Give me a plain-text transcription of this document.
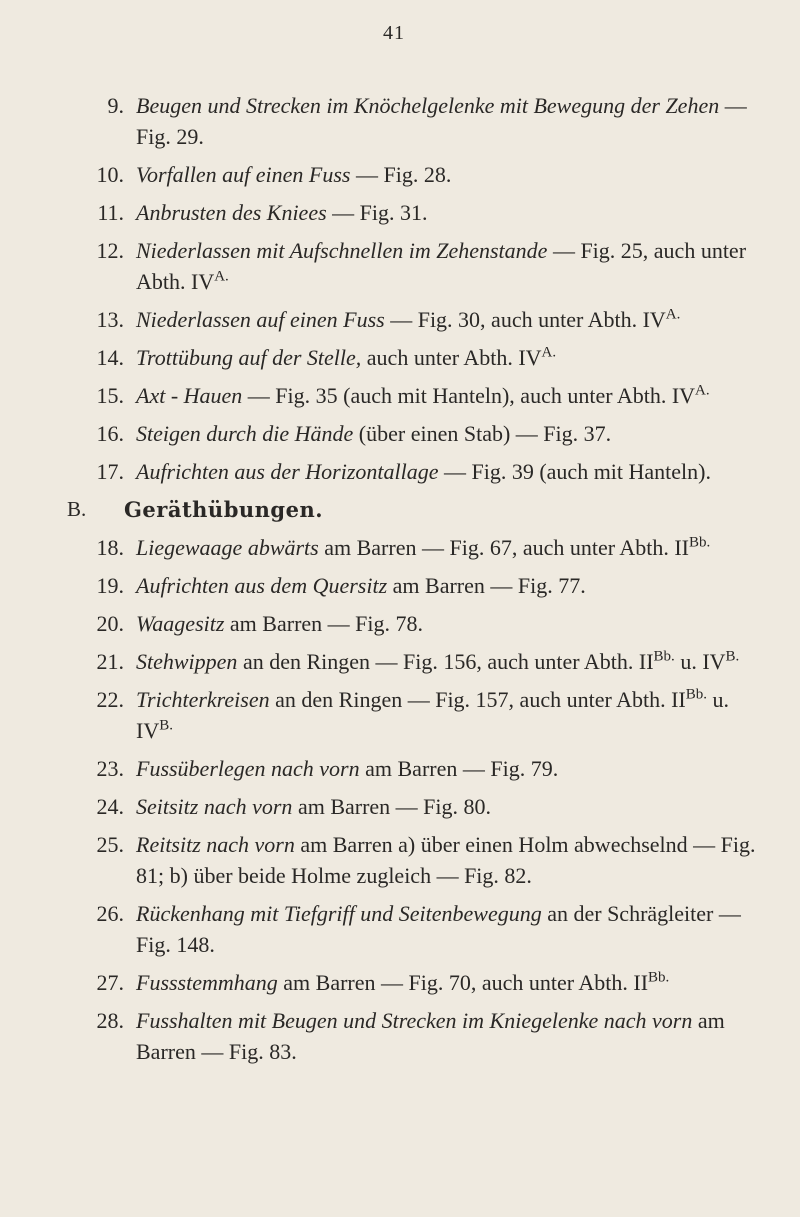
41
9. Beugen und Strecken im Knöchelgelenke mit Bewegung der Zehen — Fig. 29.
10. Vorfallen auf einen Fuss — Fig. 28.
11. Anbrusten des Kniees — Fig. 31.
12. Niederlassen mit Aufschnellen im Zehenstande — Fig. 25, auch unter Abth. $IV^{A.}$
13. Niederlassen auf einen Fuss — Fig. 30, auch unter Abth. $IV^{A.}$
14. Trottübung auf der Stelle, auch unter Abth. $IV^{A.}$
15. Axt - Hauen — Fig. 35 (auch mit Hanteln), auch unter Abth. $IV^{A.}$
16. Steigen durch die Hände (über einen Stab) — Fig. 37.
17. Aufrichten aus der Horizontallage — Fig. 39 (auch mit Hanteln).
B.	Geräthübungen.
18. Liegewaage abwärts am Barren — Fig. 67, auch unter Abth. $II^{Bb.}$
19. Aufrichten aus dem Quersitz am Barren — Fig. 77.
20. Waagesitz am Barren — Fig. 78.
21. Stehwippen an den Ringen — Fig. 156, auch unter Abth. $II^{Bb.}$ u. $IV^{B.}$
22. Trichterkreisen an den Ringen — Fig. 157, auch unter Abth. $II^{Bb.}$ u. $IV^{B.}$
23. Fussüberlegen nach vorn am Barren — Fig. 79.
24. Seitsitz nach vorn am Barren — Fig. 80.
25. Reitsitz nach vorn am Barren a) über einen Holm abwechselnd — Fig. 81; b) über beide Holme zugleich — Fig. 82.
26. Rückenhang mit Tiefgriff und Seitenbewegung an der Schrägleiter — Fig. 148.
27. Fussstemmhang am Barren — Fig. 70, auch unter Abth. $II^{Bb.}$
28. Fusshalten mit Beugen und Strecken im Kniegelenke nach vorn am Barren — Fig. 83.
